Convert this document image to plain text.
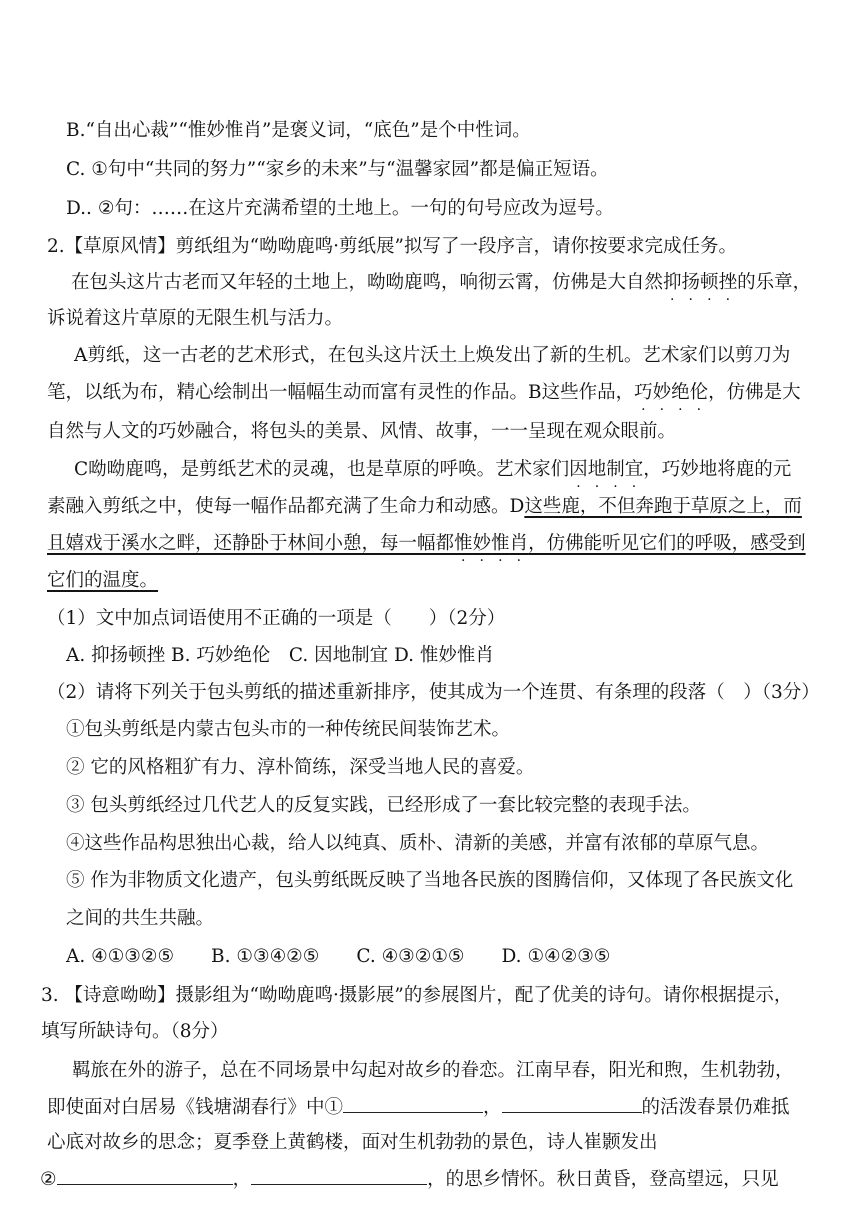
B.“自出心裁”“惟妙惟肖”是褒义词，“底色”是个中性词。
C. ①句中“共同的努力”“家乡的未来”与“温馨家园”都是偏正短语。
D.. ②句：……在这片充满希望的土地上。一句的句号应改为逗号。
2.【草原风情】剪纸组为“呦呦鹿鸣·剪纸展”拟写了一段序言，请你按要求完成任务。
在包头这片古老而又年轻的土地上，呦呦鹿鸣，响彻云霄，仿佛是大自然抑扬顿挫的乐章，
诉说着这片草原的无限生机与活力。
A剪纸，这一古老的艺术形式，在包头这片沃土上焕发出了新的生机。艺术家们以剪刀为
笔，以纸为布，精心绘制出一幅幅生动而富有灵性的作品。B这些作品，巧妙绝伦，仿佛是大
自然与人文的巧妙融合，将包头的美景、风情、故事，一一呈现在观众眼前。
C呦呦鹿鸣，是剪纸艺术的灵魂，也是草原的呼唤。艺术家们因地制宜，巧妙地将鹿的元
素融入剪纸之中，使每一幅作品都充满了生命力和动感。D这些鹿，不但奔跑于草原之上，而
且嬉戏于溪水之畔，还静卧于林间小憩，每一幅都惟妙惟肖，仿佛能听见它们的呼吸，感受到
它们的温度。
（1）文中加点词语使用不正确的一项是（　　）（2分）
A. 抑扬顿挫 B. 巧妙绝伦　C. 因地制宜 D. 惟妙惟肖
（2）请将下列关于包头剪纸的描述重新排序，使其成为一个连贯、有条理的段落（　）（3分）
①包头剪纸是内蒙古包头市的一种传统民间装饰艺术。
② 它的风格粗犷有力、淳朴简练，深受当地人民的喜爱。
③ 包头剪纸经过几代艺人的反复实践，已经形成了一套比较完整的表现手法。
④这些作品构思独出心裁，给人以纯真、质朴、清新的美感，并富有浓郁的草原气息。
⑤ 作为非物质文化遗产，包头剪纸既反映了当地各民族的图腾信仰，又体现了各民族文化
之间的共生共融。
A. ④①③②⑤　　B. ①③④②⑤　　C. ④③②①⑤　　D. ①④②③⑤
3. 【诗意呦呦】摄影组为“呦呦鹿鸣·摄影展”的参展图片，配了优美的诗句。请你根据提示，
填写所缺诗句。（8分）
羁旅在外的游子，总在不同场景中勾起对故乡的眷恋。江南早春，阳光和煦，生机勃勃，
即使面对白居易《钱塘湖春行》中①	，	的活泼春景仍难抵
心底对故乡的思念；夏季登上黄鹤楼，面对生机勃勃的景色，诗人崔颢发出
②	，	，的思乡情怀。秋日黄昏，登高望远，只见
